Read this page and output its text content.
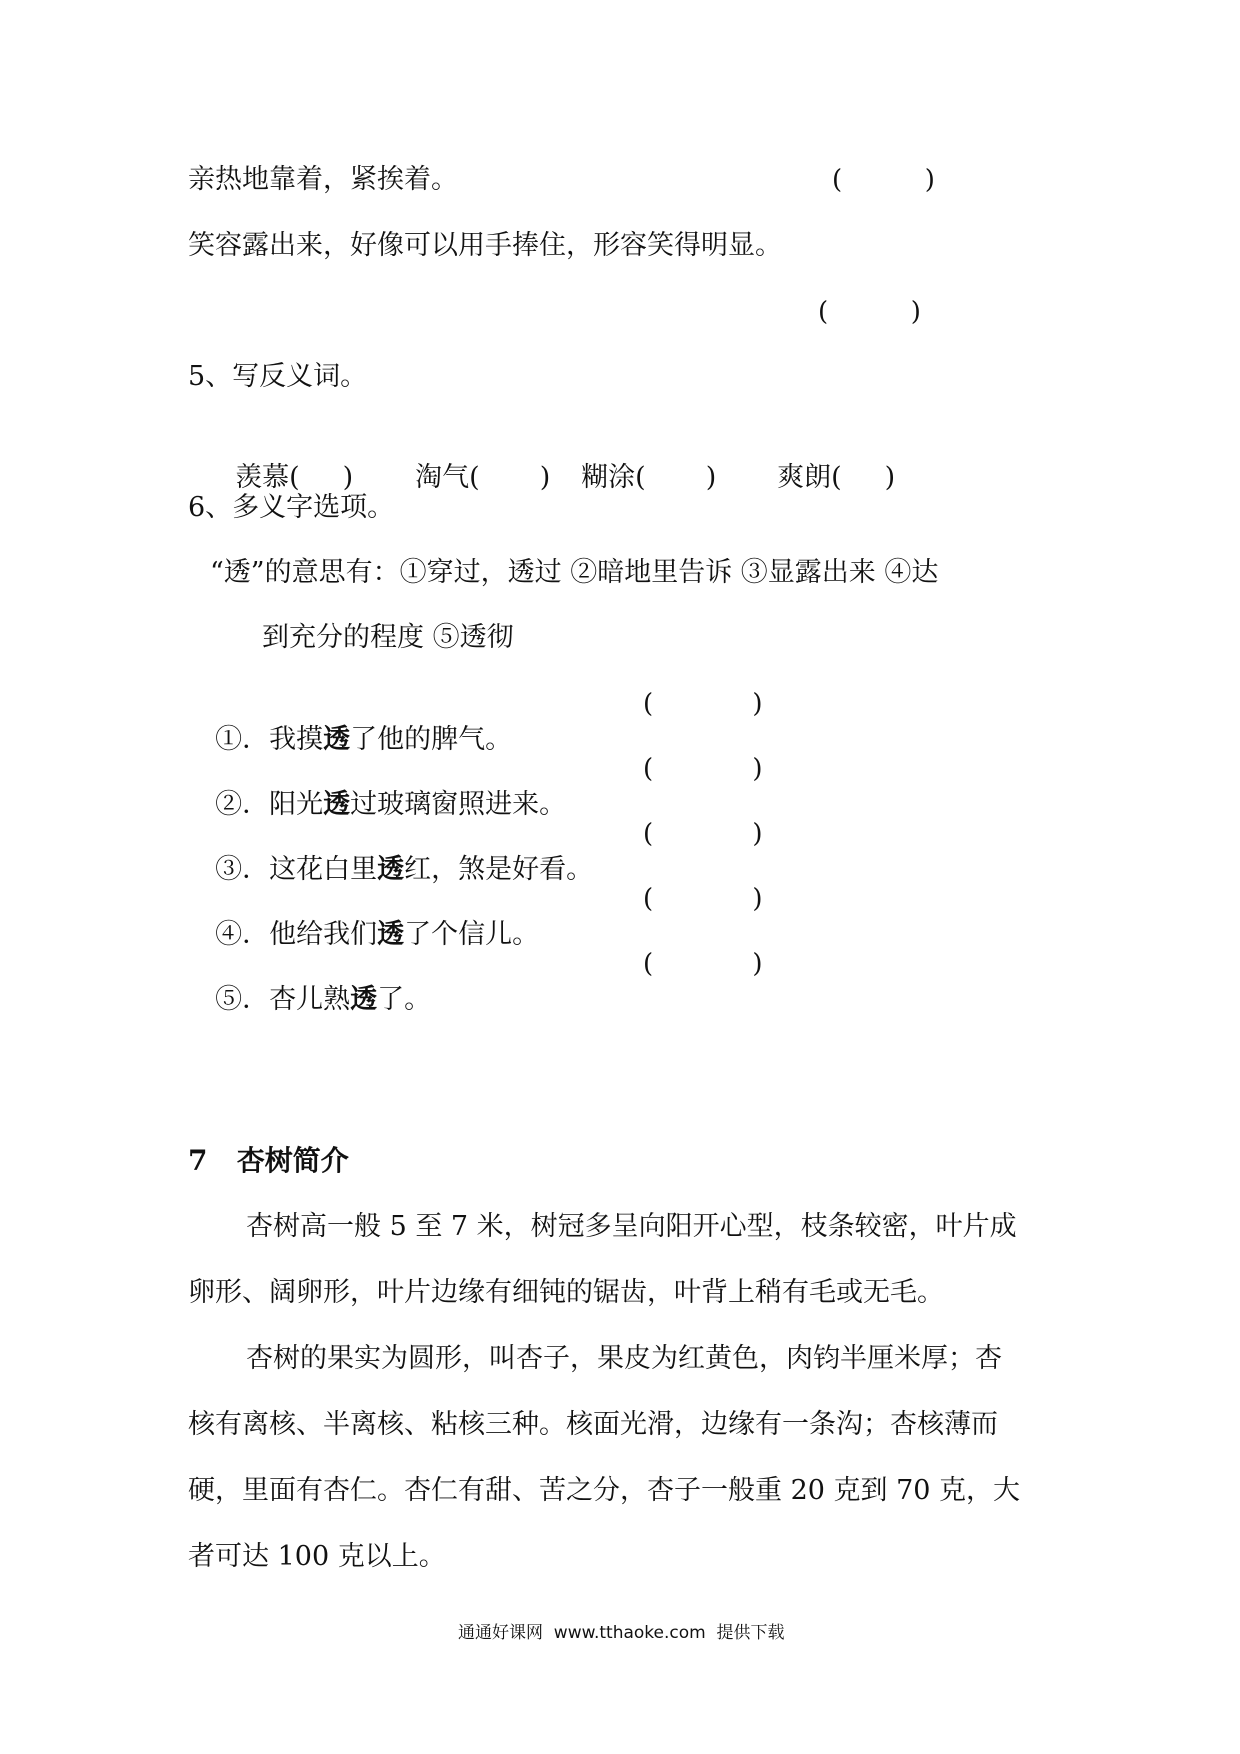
亲热地靠着，紧挨着。	(          )
笑容露出来，好像可以用手捧住，形容笑得明显。
(          )
5、写反义词。

羡慕(     )	淘气(       )	糊涂(       )	爽朗(     )

6、多义字选项。
“透”的意思有：①穿过，透过 ②暗地里告诉 ③显露出来 ④达
到充分的程度 ⑤透彻

①．我摸透了他的脾气。

(            )

②．阳光透过玻璃窗照进来。

(            )

③．这花白里透红，煞是好看。

(            )

④．他给我们透了个信儿。

(            )

⑤．杏儿熟透了。

(            )
7   杏树简介
杏树高一般 5 至 7 米，树冠多呈向阳开心型，枝条较密，叶片成
卵形、阔卵形，叶片边缘有细钝的锯齿，叶背上稍有毛或无毛。
杏树的果实为圆形，叫杏子，果皮为红黄色，肉钧半厘米厚；杏
核有离核、半离核、粘核三种。核面光滑，边缘有一条沟；杏核薄而
硬，里面有杏仁。杏仁有甜、苦之分，杏子一般重 20 克到 70 克，大
者可达 100 克以上。
通通好课网  www.tthaoke.com  提供下载
